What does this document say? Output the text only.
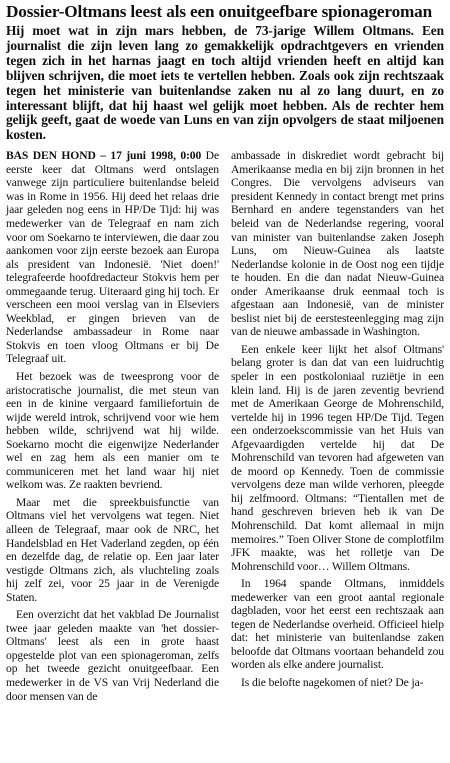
Dossier-Oltmans leest als een onuitgeefbare spionageroman

Hij moet wat in zijn mars hebben, de 73-jarige Willem Oltmans. Een journalist die zijn leven lang zo gemakkelijk opdrachtgevers en vrienden tegen zich in het harnas jaagt en toch altijd vrienden heeft en altijd kan blijven schrijven, die moet iets te vertellen hebben. Zoals ook zijn rechtszaak tegen het ministerie van buitenlandse zaken nu al zo lang duurt, en zo interessant blijft, dat hij haast wel gelijk moet hebben. Als de rechter hem gelijk geeft, gaat de woede van Luns en van zijn opvolgers de staat miljoenen kosten.

BAS DEN HOND – 17 juni 1998, 0:00 De eerste keer dat Oltmans werd ontslagen vanwege zijn particuliere buitenlandse beleid was in Rome in 1956. Hij deed het relaas drie jaar geleden nog eens in HP/De Tijd: hij was medewerker van de Telegraaf en nam zich voor om Soekarno te interviewen, die daar zou aankomen voor zijn eerste bezoek aan Europa als president van Indonesië. 'Niet doen!' telegrafeerde hoofdredacteur Stokvis hem per ommegaande terug. Uiteraard ging hij toch. Er verscheen een mooi verslag van in Elseviers Weekblad, er gingen brieven van de Nederlandse ambassadeur in Rome naar Stokvis en toen vloog Oltmans er bij De Telegraaf uit.

Het bezoek was de tweesprong voor de aristocratische journalist, die met steun van een in de kinine vergaard familiefortuin de wijde wereld introk, schrijvend voor wie hem hebben wilde, schrijvend wat hij wilde. Soekarno mocht die eigenwijze Nederlander wel en zag hem als een manier om te communiceren met het land waar hij niet welkom was. Ze raakten bevriend.

Maar met die spreekbuisfunctie van Oltmans viel het vervolgens wat tegen. Niet alleen de Telegraaf, maar ook de NRC, het Handelsblad en Het Vaderland zegden, op één en dezelfde dag, de relatie op. Een jaar later vestigde Oltmans zich, als vluchteling zoals hij zelf zei, voor 25 jaar in de Verenigde Staten.

Een overzicht dat het vakblad De Journalist twee jaar geleden maakte van 'het dossier-Oltmans' leest als een in grote haast opgestelde plot van een spionageroman, zelfs op het tweede gezicht onuitgeefbaar. Een medewerker in de VS van Vrij Nederland die door mensen van de

ambassade in diskrediet wordt gebracht bij Amerikaanse media en bij zijn bronnen in het Congres. Die vervolgens adviseurs van president Kennedy in contact brengt met prins Bernhard en andere tegenstanders van het beleid van de Nederlandse regering, vooral van minister van buitenlandse zaken Joseph Luns, om Nieuw-Guinea als laatste Nederlandse kolonie in de Oost nog een tijdje te houden. En die dan nadat Nieuw-Guinea onder Amerikaanse druk eenmaal toch is afgestaan aan Indonesië, van de minister beslist niet bij de eerstesteenlegging mag zijn van de nieuwe ambassade in Washington.

Een enkele keer lijkt het alsof Oltmans' belang groter is dan dat van een luidruchtig speler in een postkoloniaal ruziëtje in een klein land. Hij is de jaren zeventig bevriend met de Amerikaan George de Mohrenschild, vertelde hij in 1996 tegen HP/De Tijd. Tegen een onderzoekscommissie van het Huis van Afgevaardigden vertelde hij dat De Mohrenschild van tevoren had afgeweten van de moord op Kennedy. Toen de commissie vervolgens deze man wilde verhoren, pleegde hij zelfmoord. Oltmans: “Tientallen met de hand geschreven brieven heb ik van De Mohrenschild. Dat komt allemaal in mijn memoires.” Toen Oliver Stone de complotfilm JFK maakte, was het rolletje van De Mohrenschild voor… Willem Oltmans.

In 1964 spande Oltmans, inmiddels medewerker van een groot aantal regionale dagbladen, voor het eerst een rechtszaak aan tegen de Nederlandse overheid. Officieel hielp dat: het ministerie van buitenlandse zaken beloofde dat Oltmans voortaan behandeld zou worden als elke andere journalist.

Is die belofte nagekomen of niet? De ja-
